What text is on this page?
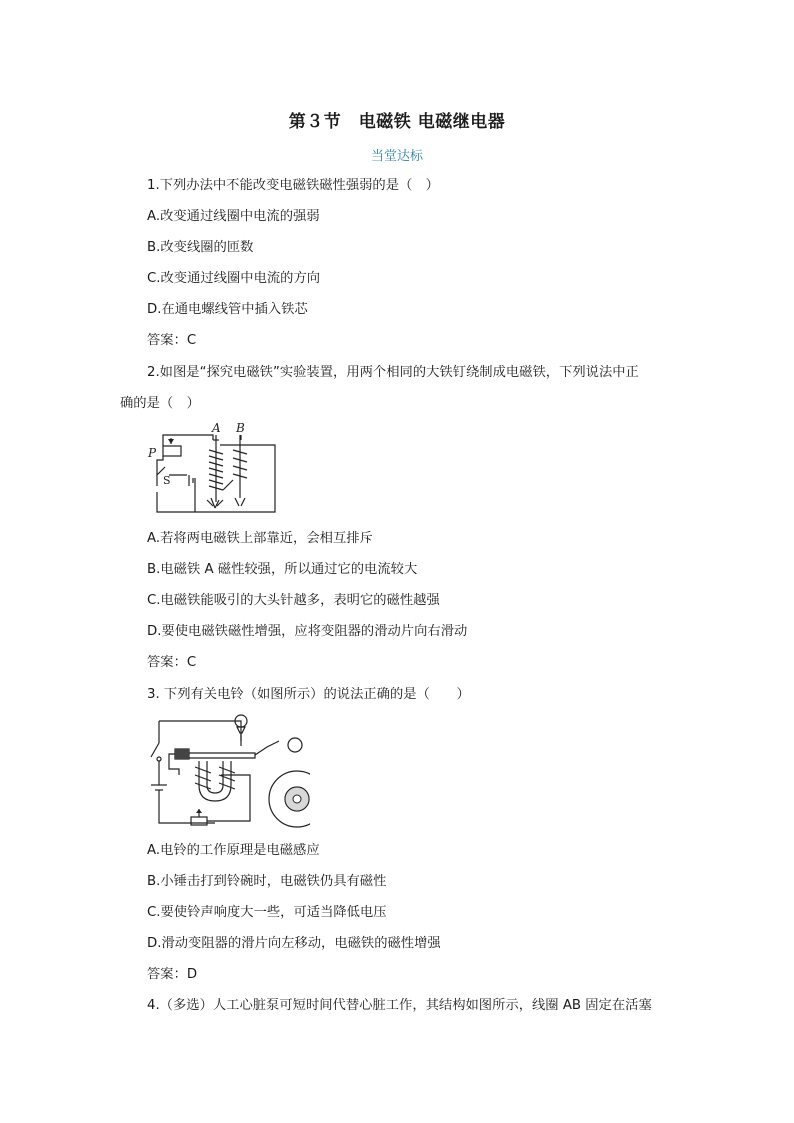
第３节　电磁铁 电磁继电器
当堂达标
1.下列办法中不能改变电磁铁磁性强弱的是（　）
A.改变通过线圈中电流的强弱
B.改变线圈的匝数
C.改变通过线圈中电流的方向
D.在通电螺线管中插入铁芯
答案：C
2.如图是“探究电磁铁”实验装置，用两个相同的大铁钉绕制成电磁铁，下列说法中正
确的是（　）
P
S
A B
A.若将两电磁铁上部靠近，会相互排斥
B.电磁铁 A 磁性较强，所以通过它的电流较大
C.电磁铁能吸引的大头针越多，表明它的磁性越强
D.要使电磁铁磁性增强，应将变阻器的滑动片向右滑动
答案：C
3. 下列有关电铃（如图所示）的说法正确的是（　　）
A.电铃的工作原理是电磁感应
B.小锤击打到铃碗时，电磁铁仍具有磁性
C.要使铃声响度大一些，可适当降低电压
D.滑动变阻器的滑片向左移动，电磁铁的磁性增强
答案：D
4.（多选）人工心脏泵可短时间代替心脏工作，其结构如图所示，线圈 AB 固定在活塞
